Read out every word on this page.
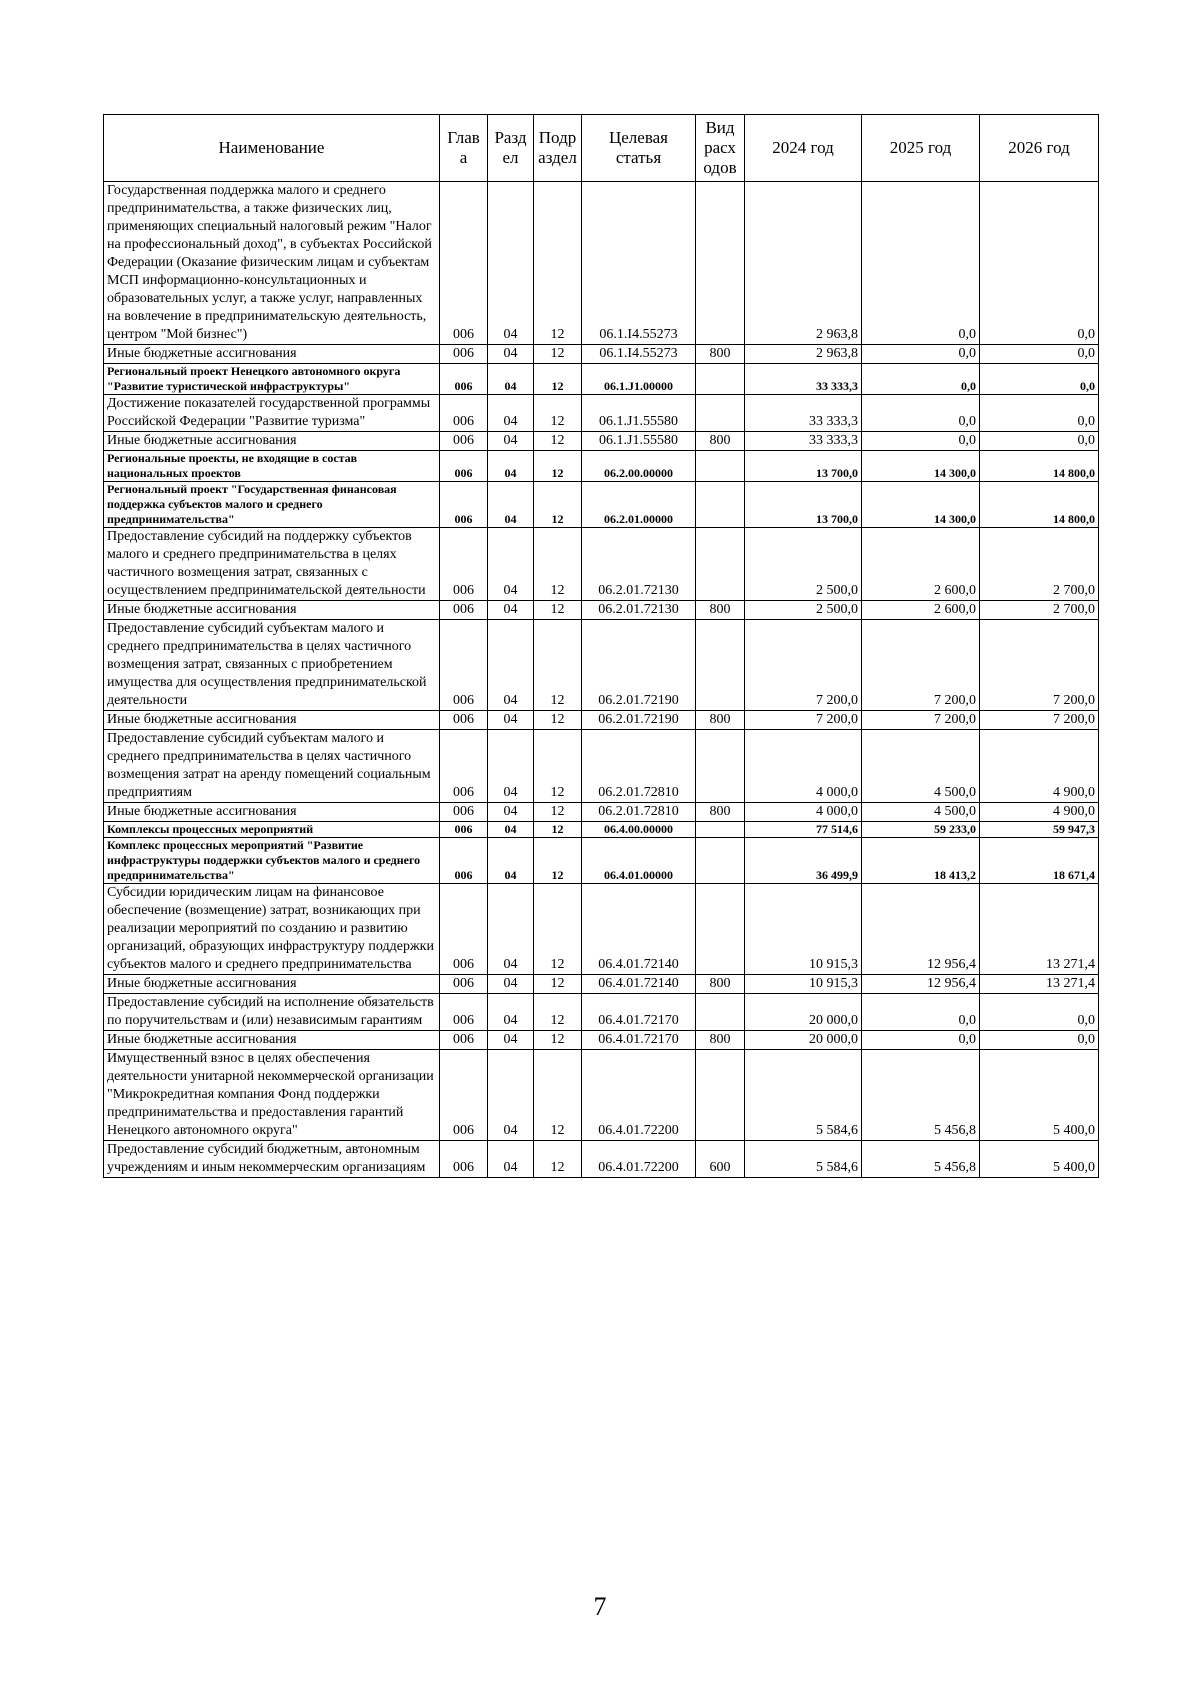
Наименование	Глав а	Разд ел	Подр аздел	Целевая статья	Вид расх одов	2024 год	2025 год	2026 год
Государственная поддержка малого и среднего предпринимательства, а также физических лиц, применяющих специальный налоговый режим "Налог на профессиональный доход", в субъектах Российской Федерации (Оказание физическим лицам и субъектам МСП информационно-консультационных и образовательных услуг, а также услуг, направленных на вовлечение в предпринимательскую деятельность, центром "Мой бизнес")	006	04	12	06.1.I4.55273		2 963,8	0,0	0,0
Иные бюджетные ассигнования	006	04	12	06.1.I4.55273	800	2 963,8	0,0	0,0
Региональный проект Ненецкого автономного округа "Развитие туристической инфраструктуры"	006	04	12	06.1.J1.00000		33 333,3	0,0	0,0
Достижение показателей государственной программы Российской Федерации "Развитие туризма"	006	04	12	06.1.J1.55580		33 333,3	0,0	0,0
Иные бюджетные ассигнования	006	04	12	06.1.J1.55580	800	33 333,3	0,0	0,0
Региональные проекты, не входящие в состав национальных проектов	006	04	12	06.2.00.00000		13 700,0	14 300,0	14 800,0
Региональный проект "Государственная финансовая поддержка субъектов малого и среднего предпринимательства"	006	04	12	06.2.01.00000		13 700,0	14 300,0	14 800,0
Предоставление субсидий на поддержку субъектов малого и среднего предпринимательства в целях частичного возмещения затрат, связанных с осуществлением предпринимательской деятельности	006	04	12	06.2.01.72130		2 500,0	2 600,0	2 700,0
Иные бюджетные ассигнования	006	04	12	06.2.01.72130	800	2 500,0	2 600,0	2 700,0
Предоставление субсидий субъектам малого и среднего предпринимательства в целях частичного возмещения затрат, связанных с приобретением имущества для осуществления предпринимательской деятельности	006	04	12	06.2.01.72190		7 200,0	7 200,0	7 200,0
Иные бюджетные ассигнования	006	04	12	06.2.01.72190	800	7 200,0	7 200,0	7 200,0
Предоставление субсидий субъектам малого и среднего предпринимательства в целях частичного возмещения затрат на аренду помещений социальным предприятиям	006	04	12	06.2.01.72810		4 000,0	4 500,0	4 900,0
Иные бюджетные ассигнования	006	04	12	06.2.01.72810	800	4 000,0	4 500,0	4 900,0
Комплексы процессных мероприятий	006	04	12	06.4.00.00000		77 514,6	59 233,0	59 947,3
Комплекс процессных мероприятий "Развитие инфраструктуры поддержки субъектов малого и среднего предпринимательства"	006	04	12	06.4.01.00000		36 499,9	18 413,2	18 671,4
Субсидии юридическим лицам на финансовое обеспечение (возмещение) затрат, возникающих при реализации мероприятий по созданию и развитию организаций, образующих инфраструктуру поддержки субъектов малого и среднего предпринимательства	006	04	12	06.4.01.72140		10 915,3	12 956,4	13 271,4
Иные бюджетные ассигнования	006	04	12	06.4.01.72140	800	10 915,3	12 956,4	13 271,4
Предоставление субсидий на исполнение обязательств по поручительствам и (или) независимым гарантиям	006	04	12	06.4.01.72170		20 000,0	0,0	0,0
Иные бюджетные ассигнования	006	04	12	06.4.01.72170	800	20 000,0	0,0	0,0
Имущественный взнос в целях обеспечения деятельности унитарной некоммерческой организации "Микрокредитная компания Фонд поддержки предпринимательства и предоставления гарантий Ненецкого автономного округа"	006	04	12	06.4.01.72200		5 584,6	5 456,8	5 400,0
Предоставление субсидий бюджетным, автономным учреждениям и иным некоммерческим организациям	006	04	12	06.4.01.72200	600	5 584,6	5 456,8	5 400,0
7
